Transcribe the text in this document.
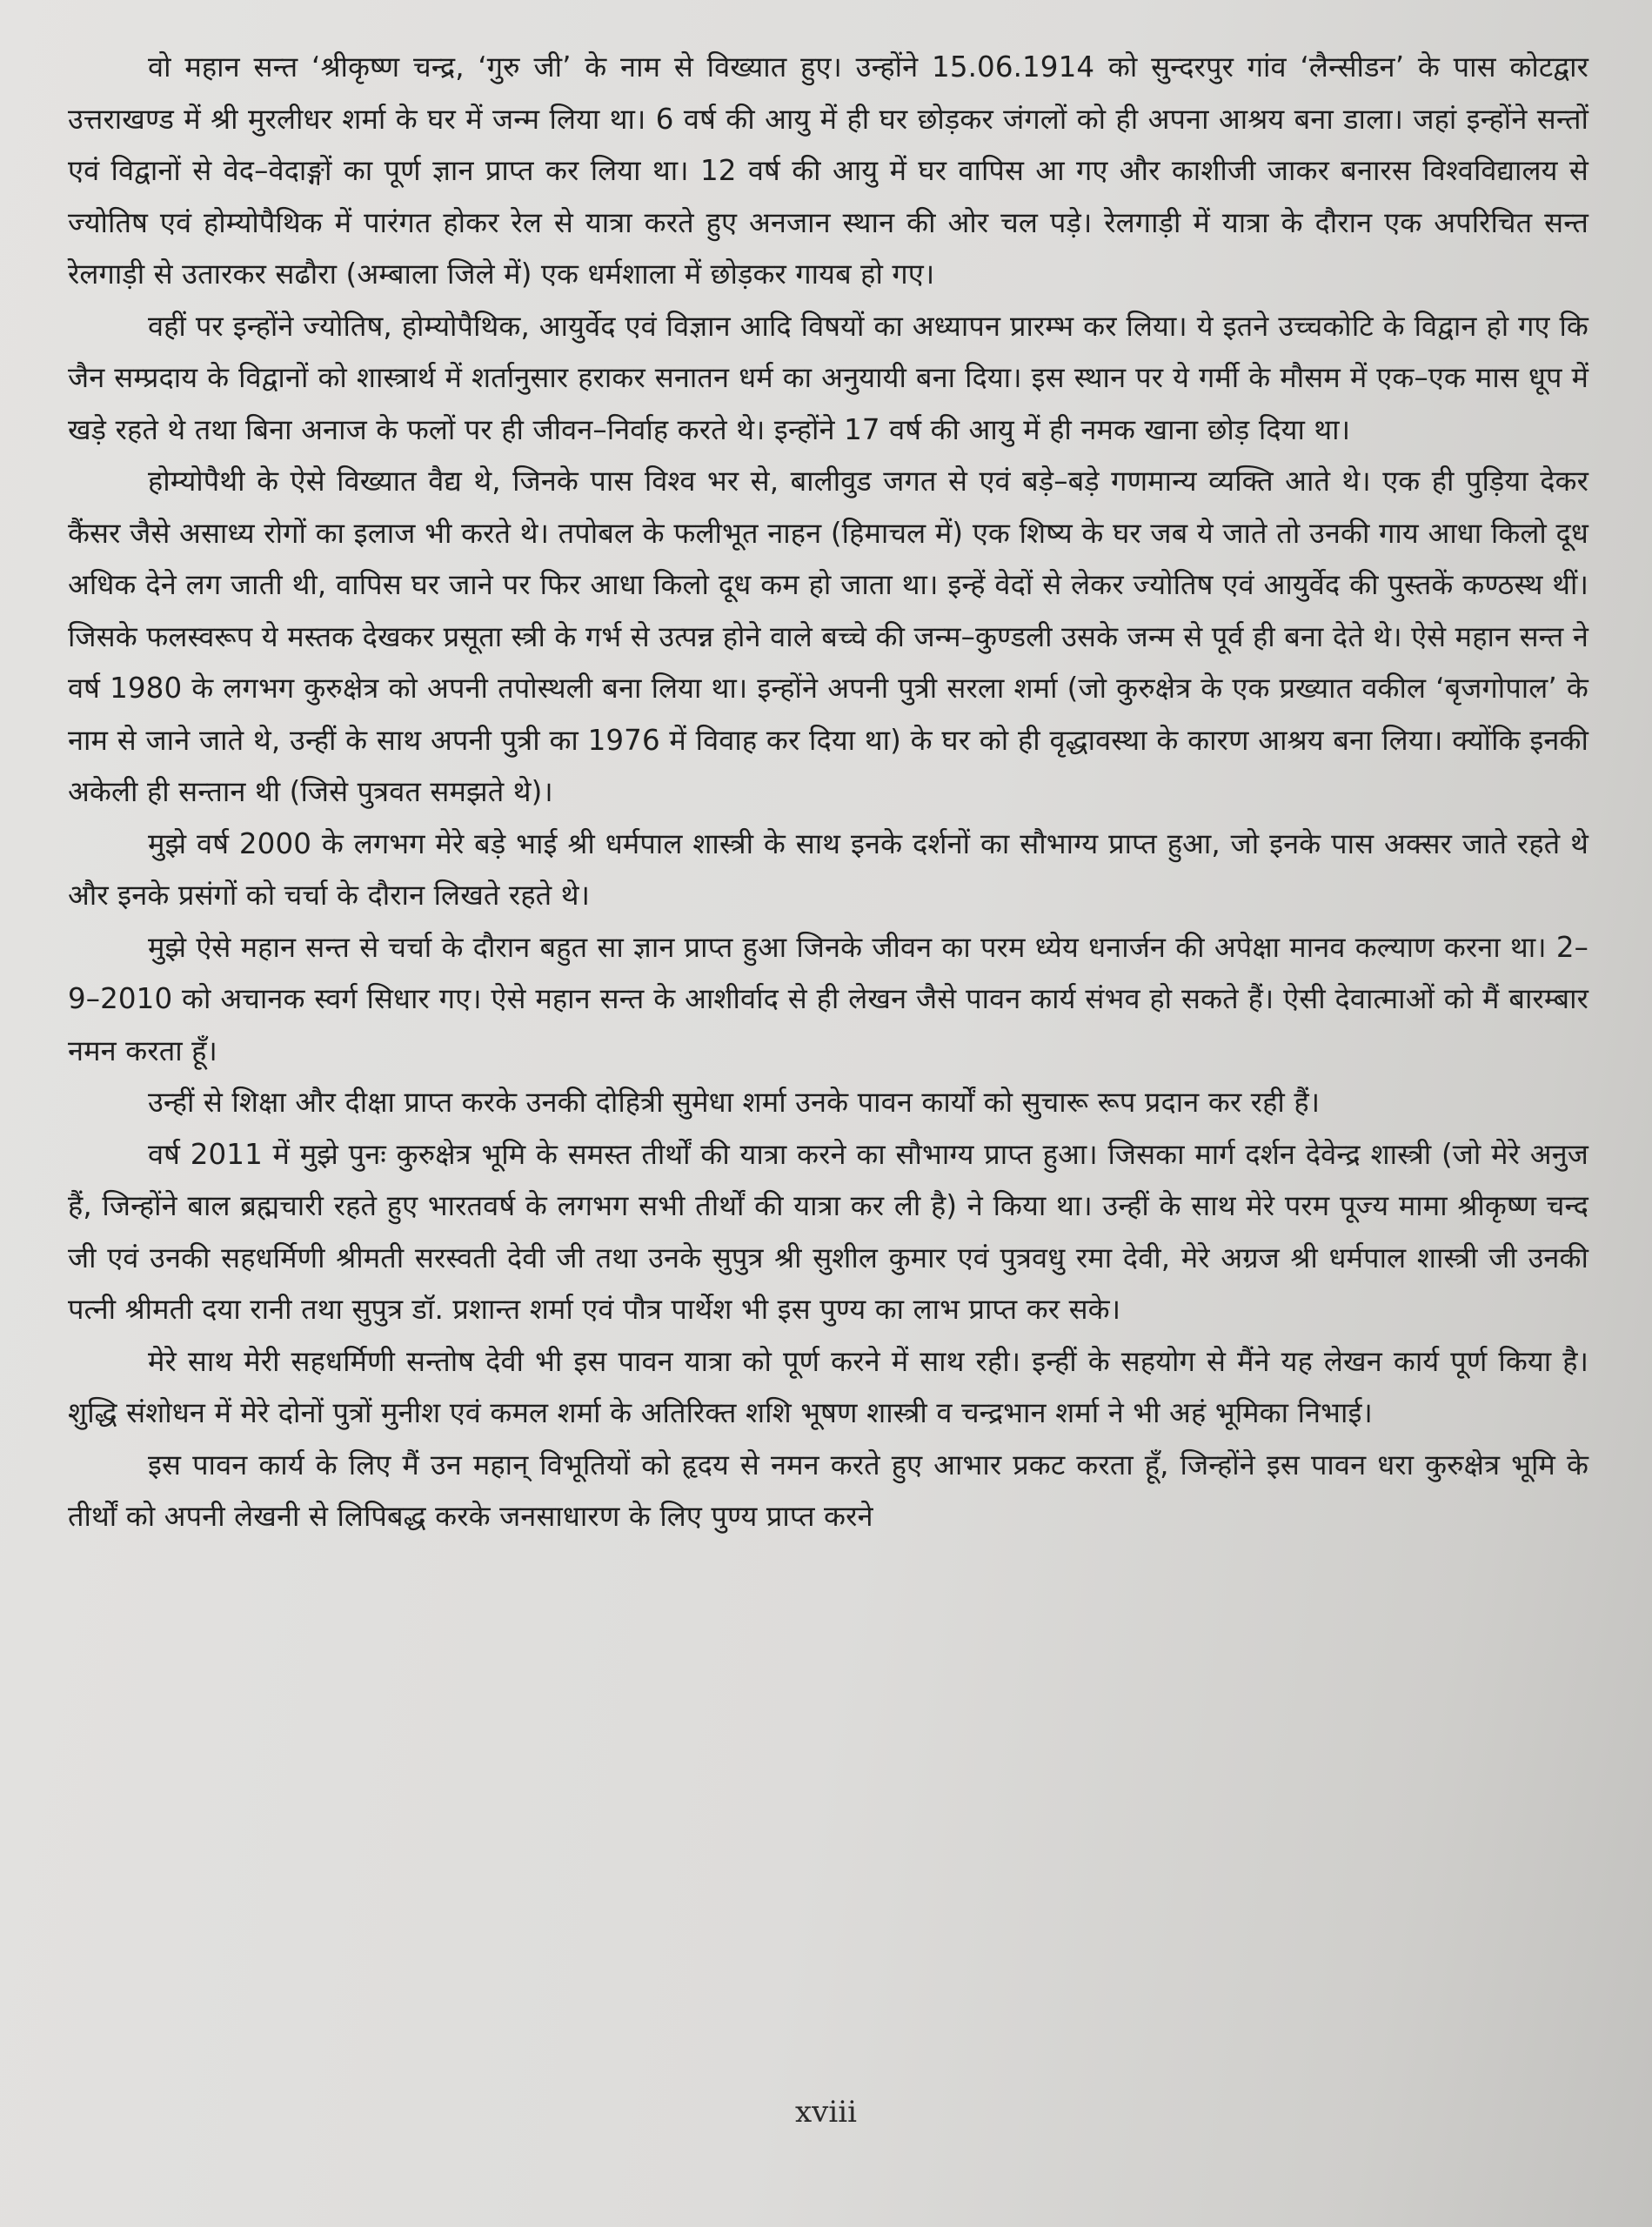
वो महान सन्त ‘श्रीकृष्ण चन्द्र, ‘गुरु जी’ के नाम से विख्यात हुए। उन्होंने 15.06.1914 को सुन्दरपुर गांव ‘लैन्सीडन’ के पास कोटद्वार उत्तराखण्ड में श्री मुरलीधर शर्मा के घर में जन्म लिया था। 6 वर्ष की आयु में ही घर छोड़कर जंगलों को ही अपना आश्रय बना डाला। जहां इन्होंने सन्तों एवं विद्वानों से वेद–वेदाङ्गों का पूर्ण ज्ञान प्राप्त कर लिया था। 12 वर्ष की आयु में घर वापिस आ गए और काशीजी जाकर बनारस विश्वविद्यालय से ज्योतिष एवं होम्योपैथिक में पारंगत होकर रेल से यात्रा करते हुए अनजान स्थान की ओर चल पड़े। रेलगाड़ी में यात्रा के दौरान एक अपरिचित सन्त रेलगाड़ी से उतारकर सढौरा (अम्बाला जिले में) एक धर्मशाला में छोड़कर गायब हो गए।

वहीं पर इन्होंने ज्योतिष, होम्योपैथिक, आयुर्वेद एवं विज्ञान आदि विषयों का अध्यापन प्रारम्भ कर लिया। ये इतने उच्चकोटि के विद्वान हो गए कि जैन सम्प्रदाय के विद्वानों को शास्त्रार्थ में शर्तानुसार हराकर सनातन धर्म का अनुयायी बना दिया। इस स्थान पर ये गर्मी के मौसम में एक–एक मास धूप में खड़े रहते थे तथा बिना अनाज के फलों पर ही जीवन–निर्वाह करते थे। इन्होंने 17 वर्ष की आयु में ही नमक खाना छोड़ दिया था।

होम्योपैथी के ऐसे विख्यात वैद्य थे, जिनके पास विश्व भर से, बालीवुड जगत से एवं बड़े–बड़े गणमान्य व्यक्ति आते थे। एक ही पुड़िया देकर कैंसर जैसे असाध्य रोगों का इलाज भी करते थे। तपोबल के फलीभूत नाहन (हिमाचल में) एक शिष्य के घर जब ये जाते तो उनकी गाय आधा किलो दूध अधिक देने लग जाती थी, वापिस घर जाने पर फिर आधा किलो दूध कम हो जाता था। इन्हें वेदों से लेकर ज्योतिष एवं आयुर्वेद की पुस्तकें कण्ठस्थ थीं। जिसके फलस्वरूप ये मस्तक देखकर प्रसूता स्त्री के गर्भ से उत्पन्न होने वाले बच्चे की जन्म–कुण्डली उसके जन्म से पूर्व ही बना देते थे। ऐसे महान सन्त ने वर्ष 1980 के लगभग कुरुक्षेत्र को अपनी तपोस्थली बना लिया था। इन्होंने अपनी पुत्री सरला शर्मा (जो कुरुक्षेत्र के एक प्रख्यात वकील ‘बृजगोपाल’ के नाम से जाने जाते थे, उन्हीं के साथ अपनी पुत्री का 1976 में विवाह कर दिया था) के घर को ही वृद्धावस्था के कारण आश्रय बना लिया। क्योंकि इनकी अकेली ही सन्तान थी (जिसे पुत्रवत समझते थे)।

मुझे वर्ष 2000 के लगभग मेरे बड़े भाई श्री धर्मपाल शास्त्री के साथ इनके दर्शनों का सौभाग्य प्राप्त हुआ, जो इनके पास अक्सर जाते रहते थे और इनके प्रसंगों को चर्चा के दौरान लिखते रहते थे।

मुझे ऐसे महान सन्त से चर्चा के दौरान बहुत सा ज्ञान प्राप्त हुआ जिनके जीवन का परम ध्येय धनार्जन की अपेक्षा मानव कल्याण करना था। 2–9–2010 को अचानक स्वर्ग सिधार गए। ऐसे महान सन्त के आशीर्वाद से ही लेखन जैसे पावन कार्य संभव हो सकते हैं। ऐसी देवात्माओं को मैं बारम्बार नमन करता हूँ।

उन्हीं से शिक्षा और दीक्षा प्राप्त करके उनकी दोहित्री सुमेधा शर्मा उनके पावन कार्यों को सुचारू रूप प्रदान कर रही हैं।

वर्ष 2011 में मुझे पुनः कुरुक्षेत्र भूमि के समस्त तीर्थों की यात्रा करने का सौभाग्य प्राप्त हुआ। जिसका मार्ग दर्शन देवेन्द्र शास्त्री (जो मेरे अनुज हैं, जिन्होंने बाल ब्रह्मचारी रहते हुए भारतवर्ष के लगभग सभी तीर्थों की यात्रा कर ली है) ने किया था। उन्हीं के साथ मेरे परम पूज्य मामा श्रीकृष्ण चन्द जी एवं उनकी सहधर्मिणी श्रीमती सरस्वती देवी जी तथा उनके सुपुत्र श्री सुशील कुमार एवं पुत्रवधु रमा देवी, मेरे अग्रज श्री धर्मपाल शास्त्री जी उनकी पत्नी श्रीमती दया रानी तथा सुपुत्र डॉ. प्रशान्त शर्मा एवं पौत्र पार्थेश भी इस पुण्य का लाभ प्राप्त कर सके।

मेरे साथ मेरी सहधर्मिणी सन्तोष देवी भी इस पावन यात्रा को पूर्ण करने में साथ रही। इन्हीं के सहयोग से मैंने यह लेखन कार्य पूर्ण किया है। शुद्धि संशोधन में मेरे दोनों पुत्रों मुनीश एवं कमल शर्मा के अतिरिक्त शशि भूषण शास्त्री व चन्द्रभान शर्मा ने भी अहं भूमिका निभाई।

इस पावन कार्य के लिए मैं उन महान् विभूतियों को हृदय से नमन करते हुए आभार प्रकट करता हूँ, जिन्होंने इस पावन धरा कुरुक्षेत्र भूमि के तीर्थों को अपनी लेखनी से लिपिबद्ध करके जनसाधारण के लिए पुण्य प्राप्त करने

xviii
